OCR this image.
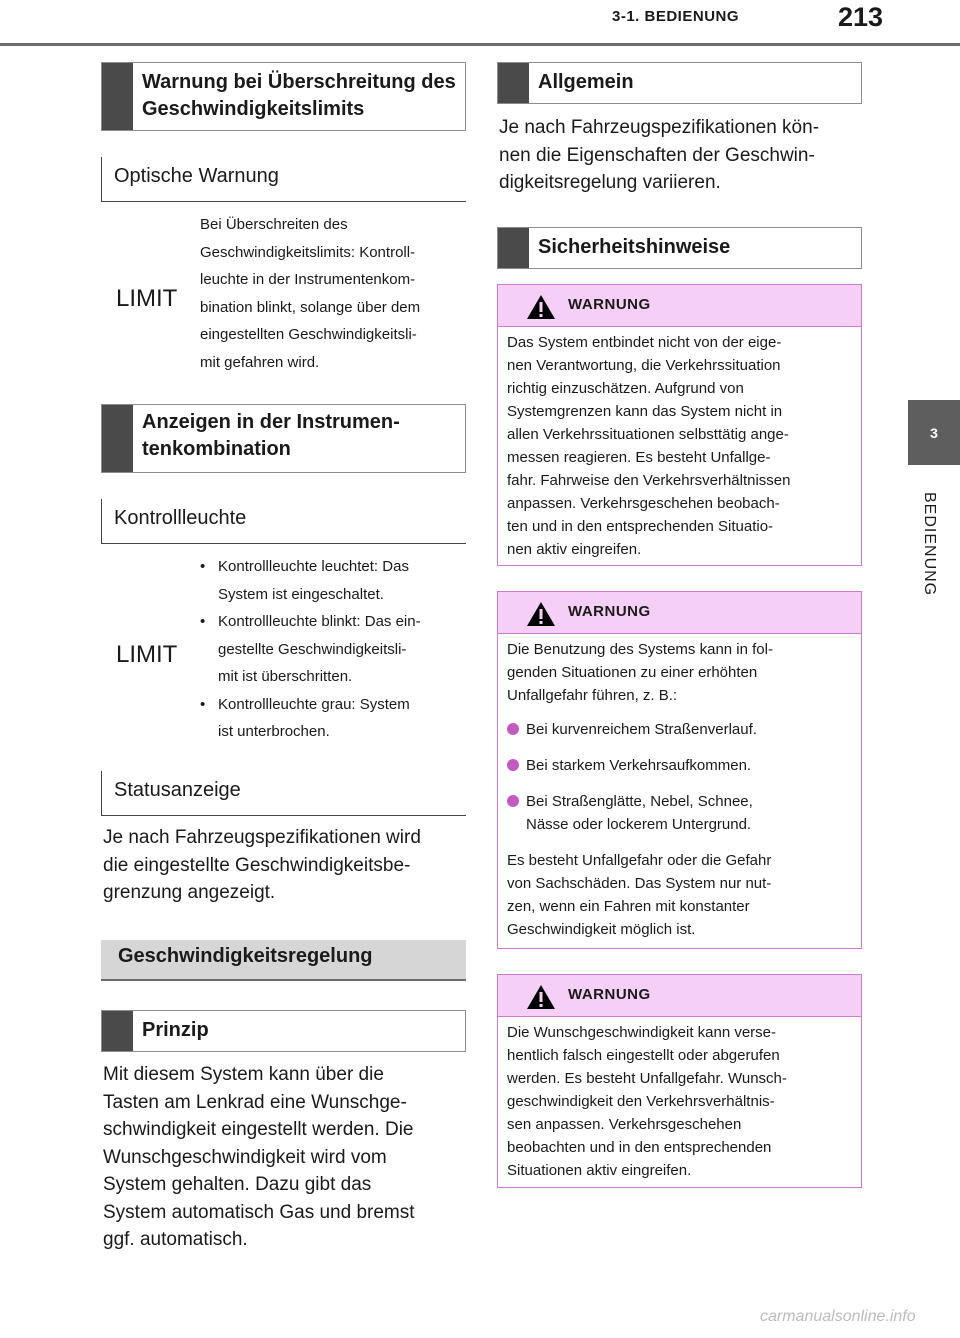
3-1. BEDIENUNG	213
3
BEDIENUNG
Warnung bei Überschreitung des Geschwindigkeitslimits
Optische Warnung
LIMIT
Bei Überschreiten des
Geschwindigkeitslimits: Kontroll-
leuchte in der Instrumentenkom-
bination blinkt, solange über dem
eingestellten Geschwindigkeitsli-
mit gefahren wird.
Anzeigen in der Instrumen-
tenkombination
Kontrollleuchte
LIMIT
• Kontrollleuchte leuchtet: Das
System ist eingeschaltet.
• Kontrollleuchte blinkt: Das ein-
gestellte Geschwindigkeitsli-
mit ist überschritten.
• Kontrollleuchte grau: System
ist unterbrochen.
Statusanzeige
Je nach Fahrzeugspezifikationen wird
die eingestellte Geschwindigkeitsbe-
grenzung angezeigt.
Geschwindigkeitsregelung
Prinzip
Mit diesem System kann über die
Tasten am Lenkrad eine Wunschge-
schwindigkeit eingestellt werden. Die
Wunschgeschwindigkeit wird vom
System gehalten. Dazu gibt das
System automatisch Gas und bremst
ggf. automatisch.
Allgemein
Je nach Fahrzeugspezifikationen kön-
nen die Eigenschaften der Geschwin-
digkeitsregelung variieren.
Sicherheitshinweise
WARNUNG
Das System entbindet nicht von der eige-
nen Verantwortung, die Verkehrssituation
richtig einzuschätzen. Aufgrund von
Systemgrenzen kann das System nicht in
allen Verkehrssituationen selbsttätig ange-
messen reagieren. Es besteht Unfallge-
fahr. Fahrweise den Verkehrsverhältnissen
anpassen. Verkehrsgeschehen beobach-
ten und in den entsprechenden Situatio-
nen aktiv eingreifen.
WARNUNG
Die Benutzung des Systems kann in fol-
genden Situationen zu einer erhöhten
Unfallgefahr führen, z. B.:
Bei kurvenreichem Straßenverlauf.
Bei starkem Verkehrsaufkommen.
Bei Straßenglätte, Nebel, Schnee,
Nässe oder lockerem Untergrund.
Es besteht Unfallgefahr oder die Gefahr
von Sachschäden. Das System nur nut-
zen, wenn ein Fahren mit konstanter
Geschwindigkeit möglich ist.
WARNUNG
Die Wunschgeschwindigkeit kann verse-
hentlich falsch eingestellt oder abgerufen
werden. Es besteht Unfallgefahr. Wunsch-
geschwindigkeit den Verkehrsverhältnis-
sen anpassen. Verkehrsgeschehen
beobachten und in den entsprechenden
Situationen aktiv eingreifen.
carmanualsonline.info
